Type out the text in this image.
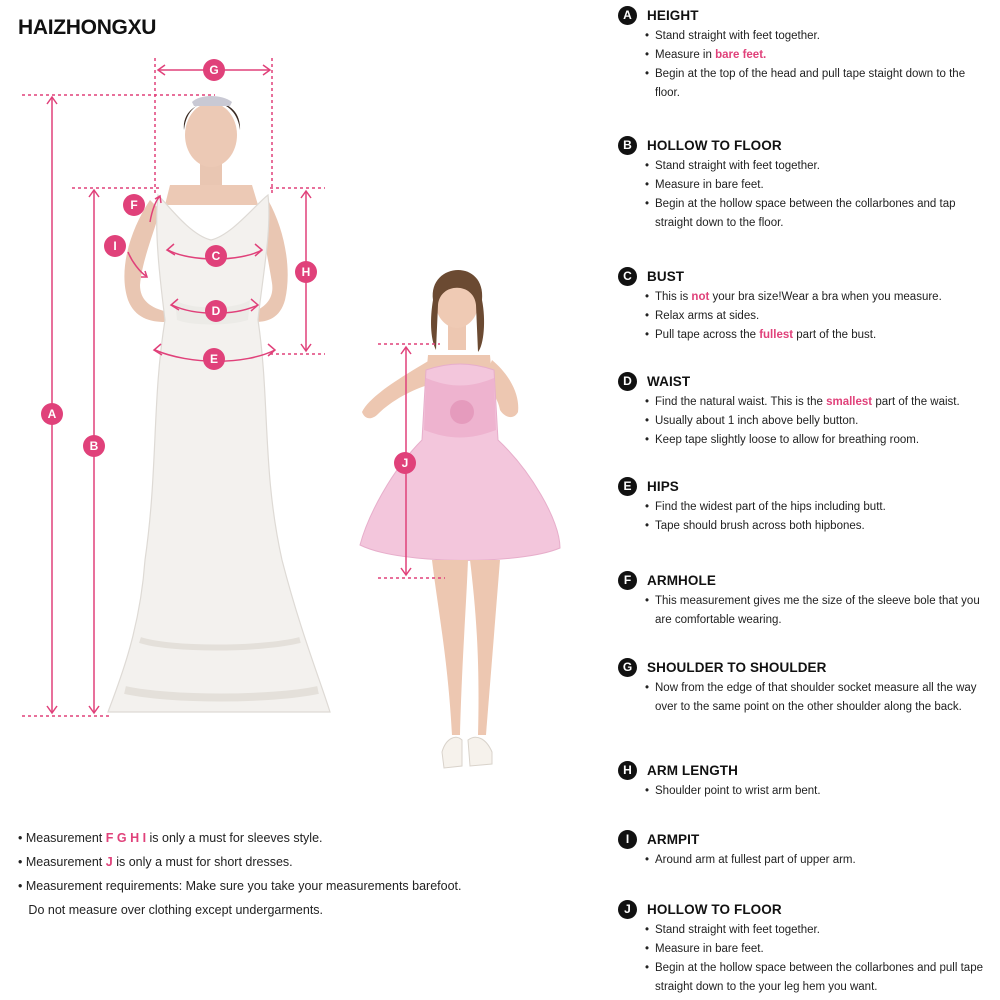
HAIZHONGXU
A
B
C
D
E
F
G
H
I
J
A	HEIGHT
• Stand straight with feet together.
• Measure in bare feet.
• Begin at the top of the head and pull tape staight down to the floor.
B	HOLLOW TO FLOOR
• Stand straight with feet together.
• Measure in bare feet.
• Begin at the hollow space between the collarbones and tap straight down to the floor.
C	BUST
• This is not your bra size!Wear a bra when you measure.
• Relax arms at sides.
• Pull tape across the fullest part of the bust.
D	WAIST
• Find the natural waist. This is the smallest part of the waist.
• Usually about 1 inch above belly button.
• Keep tape slightly loose to allow for breathing room.
E	HIPS
• Find the widest part of the hips including butt.
• Tape should brush across both hipbones.
F	ARMHOLE
• This measurement gives me the size of the sleeve bole that you are comfortable wearing.
G	SHOULDER TO SHOULDER
• Now from the edge of that shoulder socket measure all the way over to the same point on the other shoulder along the back.
H	ARM LENGTH
• Shoulder point to wrist arm bent.
I	ARMPIT
• Around arm at fullest part of upper arm.
J	HOLLOW TO FLOOR
• Stand straight with feet together.
• Measure in bare feet.
• Begin at the hollow space between the collarbones and pull tape straight down to the your leg hem you want.
• Measurement F G H I is only a must for sleeves style.
• Measurement J is only a must for short dresses.
• Measurement requirements: Make sure you take your measurements barefoot.
Do not measure over clothing except undergarments.
